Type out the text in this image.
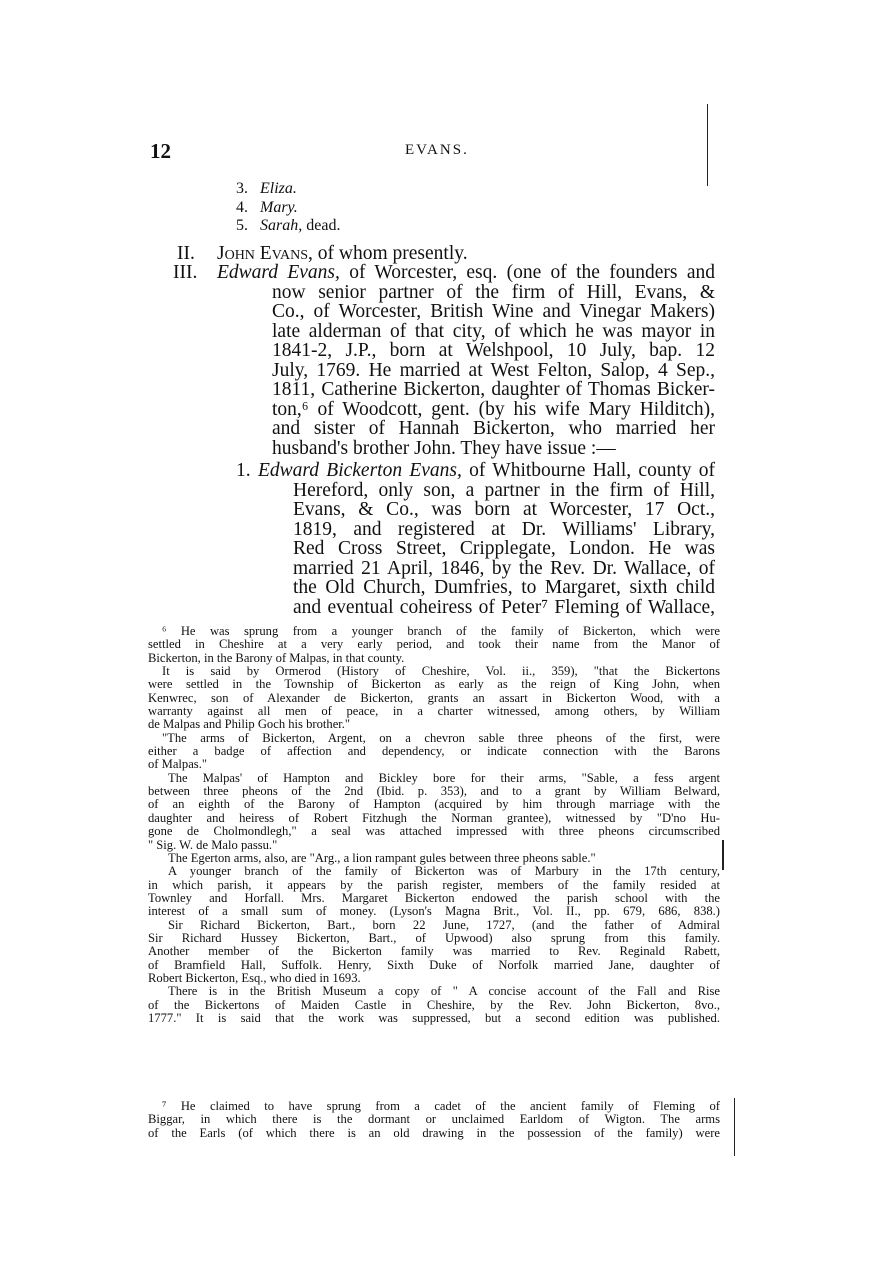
12	EVANS.
3. Eliza.
4. Mary.
5. Sarah, dead.
II. John Evans, of whom presently.
III. Edward Evans, of Worcester, esq. (one of the founders and
now senior partner of the firm of Hill, Evans, &
Co., of Worcester, British Wine and Vinegar Makers)
late alderman of that city, of which he was mayor in
1841-2, J.P., born at Welshpool, 10 July, bap. 12
July, 1769. He married at West Felton, Salop, 4 Sep.,
1811, Catherine Bickerton, daughter of Thomas Bicker-
ton,⁶ of Woodcott, gent. (by his wife Mary Hilditch),
and sister of Hannah Bickerton, who married her
husband's brother John. They have issue :—
1. Edward Bickerton Evans, of Whitbourne Hall, county of
Hereford, only son, a partner in the firm of Hill,
Evans, & Co., was born at Worcester, 17 Oct.,
1819, and registered at Dr. Williams' Library,
Red Cross Street, Cripplegate, London. He was
married 21 April, 1846, by the Rev. Dr. Wallace, of
the Old Church, Dumfries, to Margaret, sixth child
and eventual coheiress of Peter⁷ Fleming of Wallace,
⁶ He was sprung from a younger branch of the family of Bickerton, which were
settled in Cheshire at a very early period, and took their name from the Manor of
Bickerton, in the Barony of Malpas, in that county.
It is said by Ormerod (History of Cheshire, Vol. ii., 359), "that the Bickertons
were settled in the Township of Bickerton as early as the reign of King John, when
Kenwrec, son of Alexander de Bickerton, grants an assart in Bickerton Wood, with a
warranty against all men of peace, in a charter witnessed, among others, by William
de Malpas and Philip Goch his brother."
"The arms of Bickerton, Argent, on a chevron sable three pheons of the first, were
either a badge of affection and dependency, or indicate connection with the Barons
of Malpas."
The Malpas' of Hampton and Bickley bore for their arms, "Sable, a fess argent
between three pheons of the 2nd (Ibid. p. 353), and to a grant by William Belward,
of an eighth of the Barony of Hampton (acquired by him through marriage with the
daughter and heiress of Robert Fitzhugh the Norman grantee), witnessed by "D'no Hu-
gone de Cholmondlegh," a seal was attached impressed with three pheons circumscribed
" Sig. W. de Malo passu."
The Egerton arms, also, are "Arg., a lion rampant gules between three pheons sable."
A younger branch of the family of Bickerton was of Marbury in the 17th century,
in which parish, it appears by the parish register, members of the family resided at
Townley and Horfall. Mrs. Margaret Bickerton endowed the parish school with the
interest of a small sum of money. (Lyson's Magna Brit., Vol. II., pp. 679, 686, 838.)
Sir Richard Bickerton, Bart., born 22 June, 1727, (and the father of Admiral
Sir Richard Hussey Bickerton, Bart., of Upwood) also sprung from this family.
Another member of the Bickerton family was married to Rev. Reginald Rabett,
of Bramfield Hall, Suffolk. Henry, Sixth Duke of Norfolk married Jane, daughter of
Robert Bickerton, Esq., who died in 1693.
There is in the British Museum a copy of " A concise account of the Fall and Rise
of the Bickertons of Maiden Castle in Cheshire, by the Rev. John Bickerton, 8vo.,
1777." It is said that the work was suppressed, but a second edition was published.
⁷ He claimed to have sprung from a cadet of the ancient family of Fleming of
Biggar, in which there is the dormant or unclaimed Earldom of Wigton. The arms
of the Earls (of which there is an old drawing in the possession of the family) were
